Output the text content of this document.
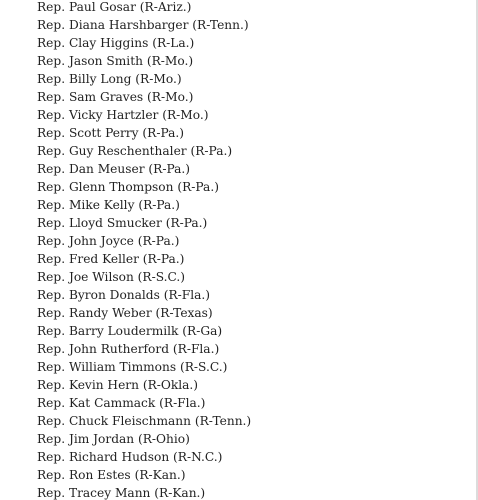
Rep. Paul Gosar (R-Ariz.)
Rep. Diana Harshbarger (R-Tenn.)
Rep. Clay Higgins (R-La.)
Rep. Jason Smith (R-Mo.)
Rep. Billy Long (R-Mo.)
Rep. Sam Graves (R-Mo.)
Rep. Vicky Hartzler (R-Mo.)
Rep. Scott Perry (R-Pa.)
Rep. Guy Reschenthaler (R-Pa.)
Rep. Dan Meuser (R-Pa.)
Rep. Glenn Thompson (R-Pa.)
Rep. Mike Kelly (R-Pa.)
Rep. Lloyd Smucker (R-Pa.)
Rep. John Joyce (R-Pa.)
Rep. Fred Keller (R-Pa.)
Rep. Joe Wilson (R-S.C.)
Rep. Byron Donalds (R-Fla.)
Rep. Randy Weber (R-Texas)
Rep. Barry Loudermilk (R-Ga)
Rep. John Rutherford (R-Fla.)
Rep. William Timmons (R-S.C.)
Rep. Kevin Hern (R-Okla.)
Rep. Kat Cammack (R-Fla.)
Rep. Chuck Fleischmann (R-Tenn.)
Rep. Jim Jordan (R-Ohio)
Rep. Richard Hudson (R-N.C.)
Rep. Ron Estes (R-Kan.)
Rep. Tracey Mann (R-Kan.)
